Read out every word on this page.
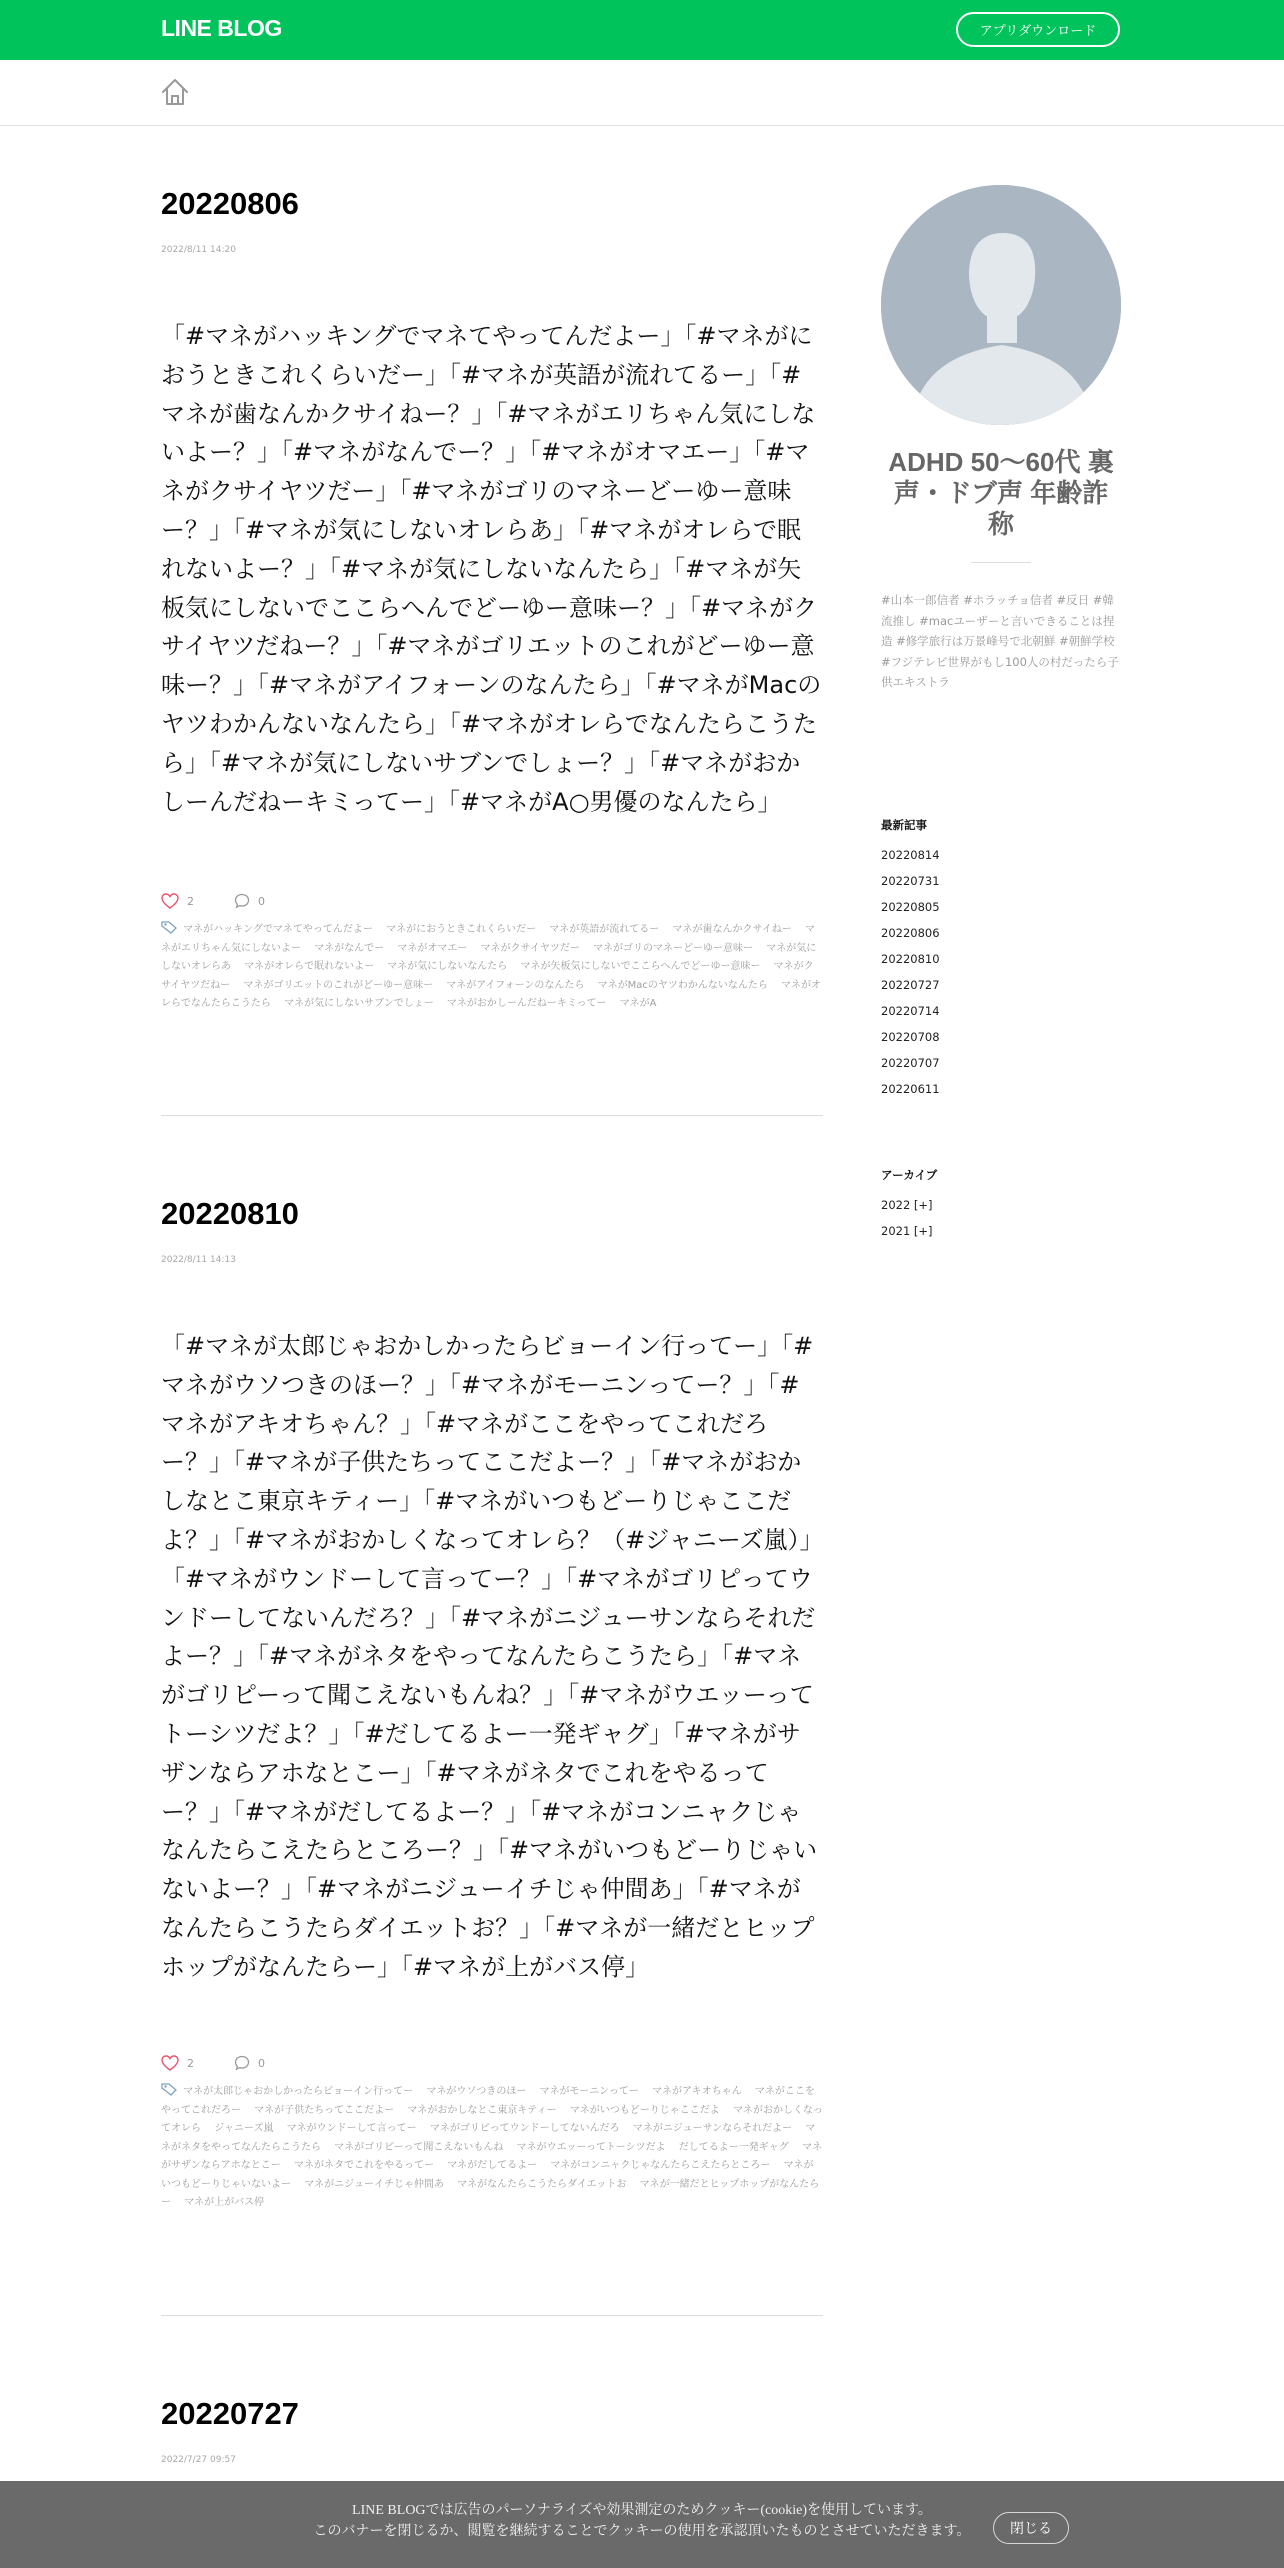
LINE BLOG	アプリダウンロード
20220806
2022/8/11 14:20
「#マネがハッキングでマネてやってんだよー」「#マネがにおうときこれくらいだー」「#マネが英語が流れてるー」「#マネが歯なんかクサイねー？」「#マネがエリちゃん気にしないよー？」「#マネがなんでー？」「#マネがオマエー」「#マネがクサイヤツだー」「#マネがゴリのマネーどーゆー意味ー？」「#マネが気にしないオレらあ」「#マネがオレらで眠れないよー？」「#マネが気にしないなんたら」「#マネが矢板気にしないでここらへんでどーゆー意味ー？」「#マネがクサイヤツだねー？」「#マネがゴリエットのこれがどーゆー意味ー？」「#マネがアイフォーンのなんたら」「#マネがMacのヤツわかんないなんたら」「#マネがオレらでなんたらこうたら」「#マネが気にしないサブンでしょー？」「#マネがおかしーんだねーキミってー」「#マネがA○男優のなんたら」
2	0
マネがハッキングでマネてやってんだよー マネがにおうときこれくらいだー マネが英語が流れてるー マネが歯なんかクサイねー マネがエリちゃん気にしないよー マネがなんでー マネがオマエー マネがクサイヤツだー マネがゴリのマネーどーゆー意味ー マネが気にしないオレらあ マネがオレらで眠れないよー マネが気にしないなんたら マネが矢板気にしないでここらへんでどーゆー意味ー マネがクサイヤツだねー マネがゴリエットのこれがどーゆー意味ー マネがアイフォーンのなんたら マネがMacのヤツわかんないなんたら マネがオレらでなんたらこうたら マネが気にしないサブンでしょー マネがおかしーんだねーキミってー マネがA
20220810
2022/8/11 14:13
「#マネが太郎じゃおかしかったらビョーイン行ってー」「#マネがウソつきのほー？」「#マネがモーニンってー？」「#マネがアキオちゃん？」「#マネがここをやってこれだろー？」「#マネが子供たちってここだよー？」「#マネがおかしなとこ東京キティー」「#マネがいつもどーりじゃここだよ？」「#マネがおかしくなってオレら？（#ジャニーズ嵐）」「#マネがウンドーして言ってー？」「#マネがゴリピってウンドーしてないんだろ？」「#マネがニジューサンならそれだよー？」「#マネがネタをやってなんたらこうたら」「#マネがゴリピーって聞こえないもんね？」「#マネがウエッーってトーシツだよ？」「#だしてるよー一発ギャグ」「#マネがサザンならアホなとこー」「#マネがネタでこれをやるってー？」「#マネがだしてるよー？」「#マネがコンニャクじゃなんたらこえたらところー？」「#マネがいつもどーりじゃいないよー？」「#マネがニジューイチじゃ仲間あ」「#マネがなんたらこうたらダイエットお？」「#マネが一緒だとヒップホップがなんたらー」「#マネが上がバス停」
2	0
マネが太郎じゃおかしかったらビョーイン行ってー マネがウソつきのほー マネがモーニンってー マネがアキオちゃん マネがここをやってこれだろー マネが子供たちってここだよー マネがおかしなとこ東京キティー マネがいつもどーりじゃここだよ マネがおかしくなってオレら ジャニーズ嵐 マネがウンドーして言ってー マネがゴリピってウンドーしてないんだろ マネがニジューサンならそれだよー マネがネタをやってなんたらこうたら マネがゴリピーって聞こえないもんね マネがウエッーってトーシツだよ だしてるよー一発ギャグ マネがサザンならアホなとこー マネがネタでこれをやるってー マネがだしてるよー マネがコンニャクじゃなんたらこえたらところー マネがいつもどーりじゃいないよー マネがニジューイチじゃ仲間あ マネがなんたらこうたらダイエットお マネが一緒だとヒップホップがなんたらー マネが上がバス停
20220727
2022/7/27 09:57
ADHD 50～60代 裏声・ドブ声 年齢詐称
#山本一郎信者 #ホラッチョ信者 #反日 #韓流推し #macユーザーと言いできることは捏造 #修学旅行は万景峰号で北朝鮮 #朝鮮学校 #フジテレビ世界がもし100人の村だったら子供エキストラ
最新記事
20220814
20220731
20220805
20220806
20220810
20220727
20220714
20220708
20220707
20220611
アーカイブ
2022 [+]
2021 [+]
LINE BLOGでは広告のパーソナライズや効果測定のためクッキー(cookie)を使用しています。
このバナーを閉じるか、閲覧を継続することでクッキーの使用を承認頂いたものとさせていただきます。	閉じる
